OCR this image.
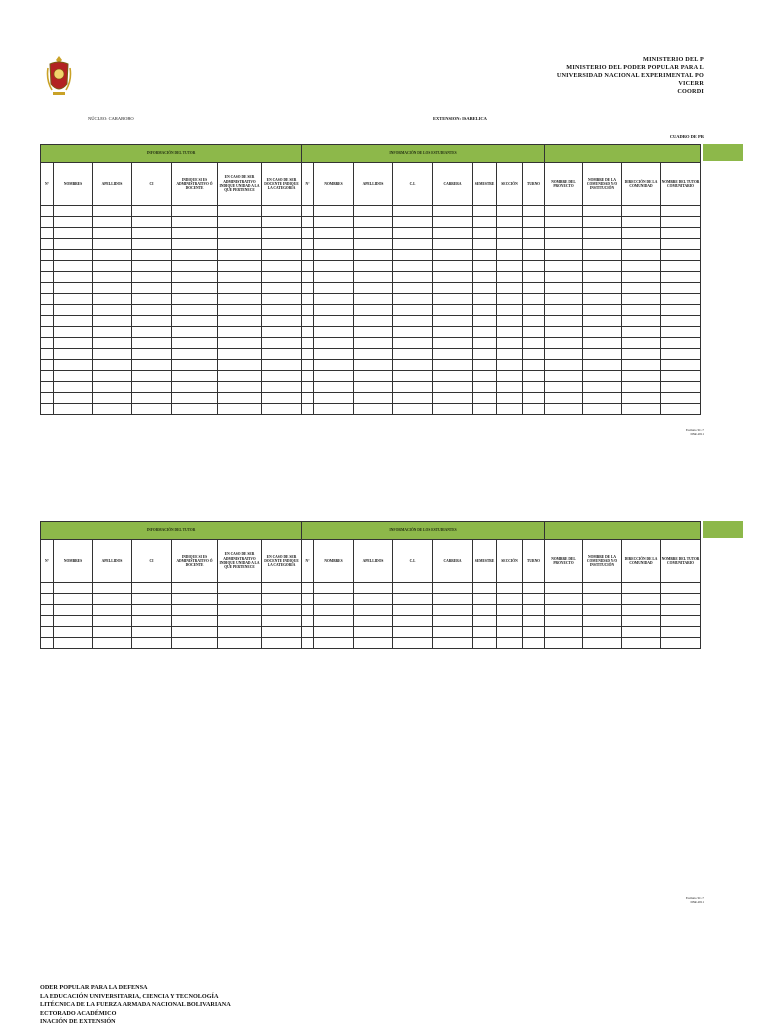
MINISTERIO DEL P
MINISTERIO DEL PODER POPULAR PARA L
UNIVERSIDAD NACIONAL EXPERIMENTAL PO
VICERR
COORDI
NÚCLEO: CARABOBO	EXTENSION: ISABELICA
CUADRO DE PR
INFORMACIÓN DEL TUTOR							INFORMACIÓN DE LOS ESTUDIANTES											
N°	NOMBRES	APELLIDOS	CI	INDIQUE SI ES ADMINISTRATIVO Ó DOCENTE	EN CASO DE SER ADMINISTRATIVO INDIQUE UNIDAD A LA QUE PERTENECE	EN CASO DE SER DOCENTE INDIQUE LA CATEGORIA	N°	NOMBRES	APELLIDOS	C.I.	CARRERA	SEMESTRE	SECCIÓN	TURNO	NOMBRE DEL PROYECTO	NOMBRE DE LA COMUNIDAD Y/O INSTITUCIÓN	DIRECCIÓN DE LA COMUNIDAD	NOMBRE DEL TUTOR COMUNITARIO

Formato SC-7
DSR-2011
INFORMACIÓN DEL TUTOR							INFORMACIÓN DE LOS ESTUDIANTES											
N°	NOMBRES	APELLIDOS	CI	INDIQUE SI ES ADMINISTRATIVO Ó DOCENTE	EN CASO DE SER ADMINISTRATIVO INDIQUE UNIDAD A LA QUE PERTENECE	EN CASO DE SER DOCENTE INDIQUE LA CATEGORIA	N°	NOMBRES	APELLIDOS	C.I.	CARRERA	SEMESTRE	SECCIÓN	TURNO	NOMBRE DEL PROYECTO	NOMBRE DE LA COMUNIDAD Y/O INSTITUCIÓN	DIRECCIÓN DE LA COMUNIDAD	NOMBRE DEL TUTOR COMUNITARIO

Formato SC-7
DSR-2011
ODER POPULAR PARA LA DEFENSA
LA EDUCACIÓN UNIVERSITARIA, CIENCIA Y TECNOLOGÍA
LITÉCNICA DE LA FUERZA ARMADA NACIONAL BOLIVARIANA
ECTORADO ACADÉMICO
INACIÓN DE EXTENSIÓN
